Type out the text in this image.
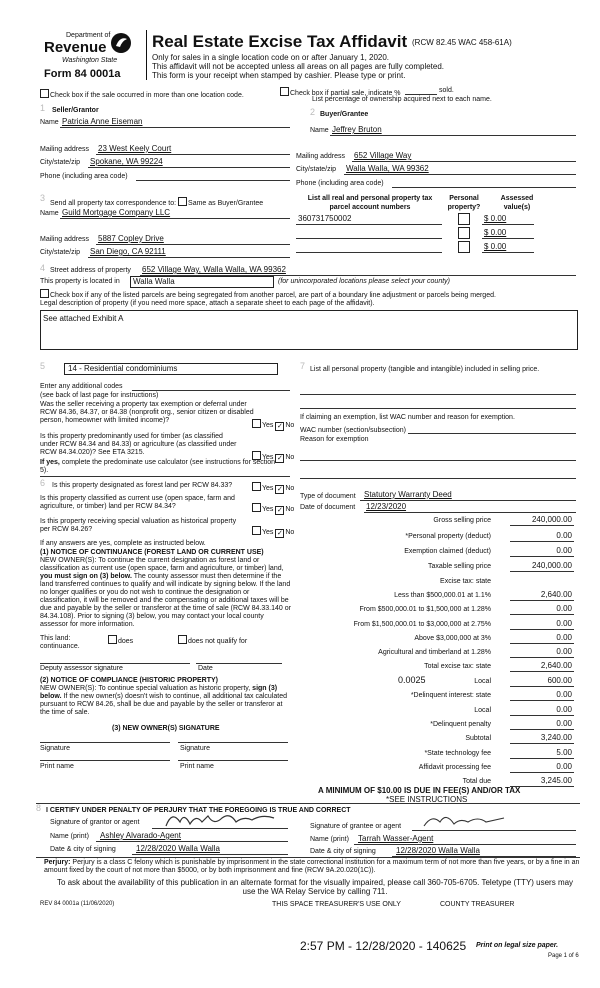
Department of
Revenue
Washington State
Form 84 0001a
Real Estate Excise Tax Affidavit (RCW 82.45 WAC 458-61A)
Only for sales in a single location code on or after January 1, 2020.
This affidavit will not be accepted unless all areas on all pages are fully completed.
This form is your receipt when stamped by cashier. Please type or print.
Check box if the sale occurred in more than one location code.	Check box if partial sale, indicate %	sold.
List percentage of ownership acquired next to each name.
1 Seller/Grantor
Name Patricia Anne Eiseman
Mailing address 23 West Keely Court
City/state/zip Spokane, WA 99224
Phone (including area code)
2 Buyer/Grantee
Name Jeffrey Bruton
Mailing address 652 Village Way
City/state/zip Walla Walla, WA 99362
Phone (including area code)
3
Send all property tax correspondence to: Same as Buyer/Grantee
Name Guild Mortgage Company LLC
Mailing address 5887 Copley Drive
City/state/zip San Diego, CA 92111
List all real and personal property tax parcel account numbers
Personal property?
Assessed value(s)
360731750002	$ 0.00
$ 0.00
$ 0.00
4 Street address of property 652 Village Way, Walla Walla, WA 99362
This property is located in Walla Walla	(for unincorporated locations please select your county)
Check box if any of the listed parcels are being segregated from another parcel, are part of a boundary line adjustment or parcels being merged.
Legal description of property (if you need more space, attach a separate sheet to each page of the affidavit).
See attached Exhibit A
5	14 - Residential condominiums
Enter any additional codes
(see back of last page for instructions)
Was the seller receiving a property tax exemption or deferral under RCW 84.36, 84.37, or 84.38 (nonprofit org., senior citizen or disabled person, homeowner with limited income)?
Yes ✓ No
Is this property predominantly used for timber (as classified under RCW 84.34 and 84.33) or agriculture (as classified under RCW 84.34.020)? See ETA 3215.
Yes ✓ No
If yes, complete the predominate use calculator (see instructions for section 5).
6 Is this property designated as forest land per RCW 84.33?	Yes ✓ No
Is this property classified as current use (open space, farm and agriculture, or timber) land per RCW 84.34?	Yes ✓ No
Is this property receiving special valuation as historical property per RCW 84.26?	Yes ✓ No
If any answers are yes, complete as instructed below.
(1) NOTICE OF CONTINUANCE (FOREST LAND OR CURRENT USE)
NEW OWNER(S): To continue the current designation as forest land or classification as current use (open space, farm and agriculture, or timber) land, you must sign on (3) below. The county assessor must then determine if the land transferred continues to qualify and will indicate by signing below. If the land no longer qualifies or you do not wish to continue the designation or classification, it will be removed and the compensating or additional taxes will be due and payable by the seller or transferor at the time of sale (RCW 84.33.140 or 84.34.108). Prior to signing (3) below, you may contact your local county assessor for more information.
This land:	does	does not qualify for
continuance.
Deputy assessor signature	Date
(2) NOTICE OF COMPLIANCE (HISTORIC PROPERTY)
NEW OWNER(S): To continue special valuation as historic property, sign (3) below. If the new owner(s) doesn't wish to continue, all additional tax calculated pursuant to RCW 84.26, shall be due and payable by the seller or transferor at the time of sale.
(3) NEW OWNER(S) SIGNATURE
Signature	Signature
Print name	Print name
7 List all personal property (tangible and intangible) included in selling price.
If claiming an exemption, list WAC number and reason for exemption.
WAC number (section/subsection)
Reason for exemption
Type of document Statutory Warranty Deed
Date of document 12/23/2020
Gross selling price	240,000.00
*Personal property (deduct)	0.00
Exemption claimed (deduct)	0.00
Taxable selling price	240,000.00
Excise tax: state
Less than $500,000.01 at 1.1%	2,640.00
From $500,000.01 to $1,500,000 at 1.28%	0.00
From $1,500,000.01 to $3,000,000 at 2.75%	0.00
Above $3,000,000 at 3%	0.00
Agricultural and timberland at 1.28%	0.00
Total excise tax: state	2,640.00
Local	600.00
*Delinquent interest: state	0.00
Local	0.00
*Delinquent penalty	0.00
Subtotal	3,240.00
*State technology fee	5.00
Affidavit processing fee	0.00
Total due	3,245.00
0.0025
A MINIMUM OF $10.00 IS DUE IN FEE(S) AND/OR TAX
*SEE INSTRUCTIONS
8 I CERTIFY UNDER PENALTY OF PERJURY THAT THE FOREGOING IS TRUE AND CORRECT
Signature of grantor or agent
Name (print) Ashley Alvarado-Agent
Date & city of signing	12/28/2020 Walla Walla
Signature of grantee or agent
Name (print) Tarrah Wasser-Agent
Date & city of signing	12/28/2020 Walla Walla
Perjury: Perjury is a class C felony which is punishable by imprisonment in the state correctional institution for a maximum term of not more than five years, or by a fine in an amount fixed by the court of not more than $5000, or by both imprisonment and fine (RCW 9A.20.020(1C)).
To ask about the availability of this publication in an alternate format for the visually impaired, please call 360-705-6705. Teletype (TTY) users may use the WA Relay Service by calling 711.
REV 84 0001a (11/06/2020)	THIS SPACE TREASURER'S USE ONLY	COUNTY TREASURER
2:57 PM - 12/28/2020 - 140625 Print on legal size paper.
Page 1 of 6
